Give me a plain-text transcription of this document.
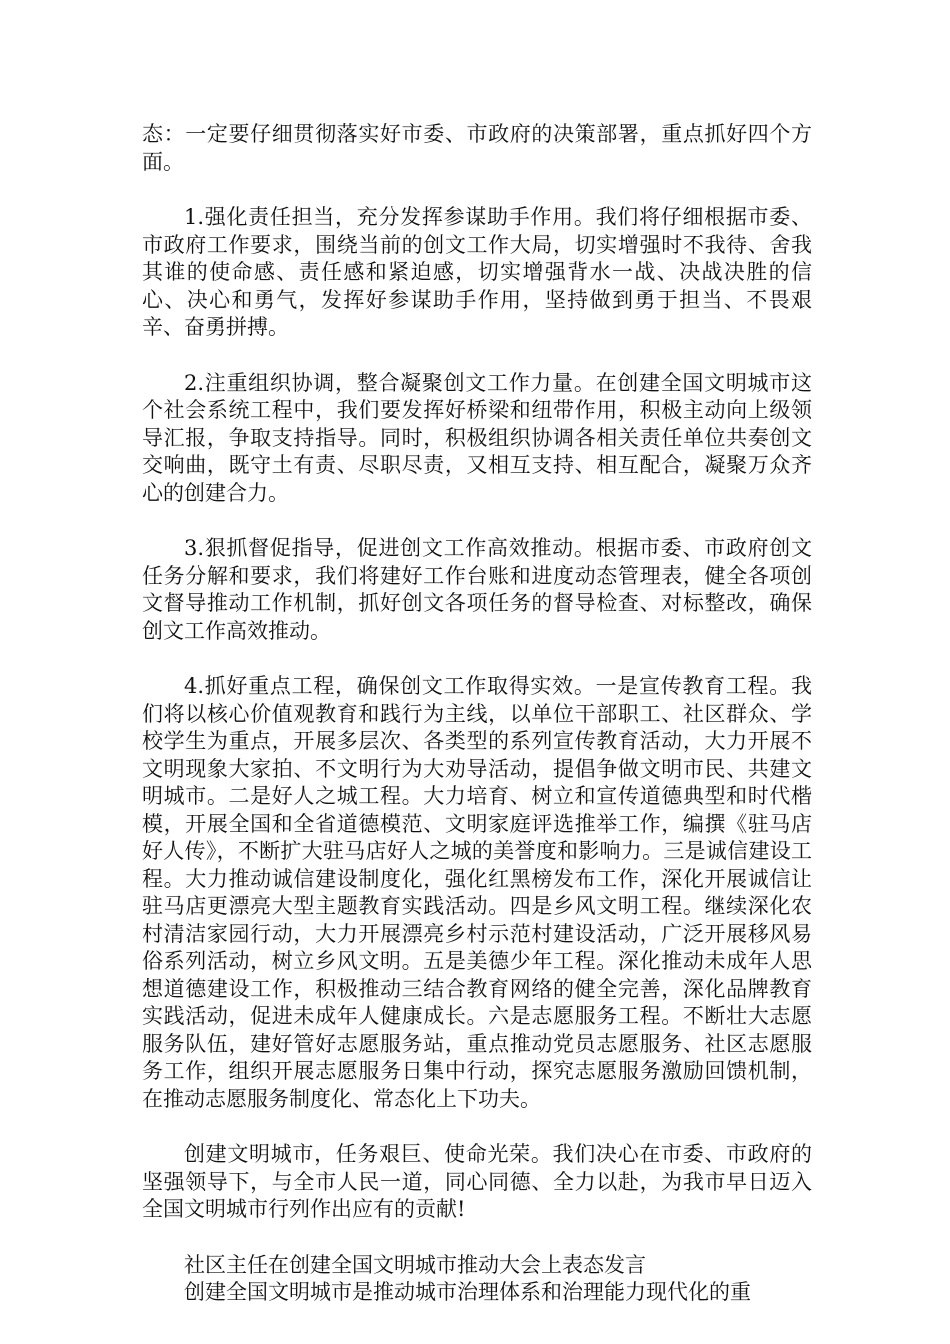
态：一定要仔细贯彻落实好市委、市政府的决策部署，重点抓好四个方面。

1.强化责任担当，充分发挥参谋助手作用。我们将仔细根据市委、市政府工作要求，围绕当前的创文工作大局，切实增强时不我待、舍我其谁的使命感、责任感和紧迫感，切实增强背水一战、决战决胜的信心、决心和勇气，发挥好参谋助手作用，坚持做到勇于担当、不畏艰辛、奋勇拼搏。

2.注重组织协调，整合凝聚创文工作力量。在创建全国文明城市这个社会系统工程中，我们要发挥好桥梁和纽带作用，积极主动向上级领导汇报，争取支持指导。同时，积极组织协调各相关责任单位共奏创文交响曲，既守土有责、尽职尽责，又相互支持、相互配合，凝聚万众齐心的创建合力。

3.狠抓督促指导，促进创文工作高效推动。根据市委、市政府创文任务分解和要求，我们将建好工作台账和进度动态管理表，健全各项创文督导推动工作机制，抓好创文各项任务的督导检查、对标整改，确保创文工作高效推动。

4.抓好重点工程，确保创文工作取得实效。一是宣传教育工程。我们将以核心价值观教育和践行为主线，以单位干部职工、社区群众、学校学生为重点，开展多层次、各类型的系列宣传教育活动，大力开展不文明现象大家拍、不文明行为大劝导活动，提倡争做文明市民、共建文明城市。二是好人之城工程。大力培育、树立和宣传道德典型和时代楷模，开展全国和全省道德模范、文明家庭评选推举工作，编撰《驻马店好人传》，不断扩大驻马店好人之城的美誉度和影响力。三是诚信建设工程。大力推动诚信建设制度化，强化红黑榜发布工作，深化开展诚信让驻马店更漂亮大型主题教育实践活动。四是乡风文明工程。继续深化农村清洁家园行动，大力开展漂亮乡村示范村建设活动，广泛开展移风易俗系列活动，树立乡风文明。五是美德少年工程。深化推动未成年人思想道德建设工作，积极推动三结合教育网络的健全完善，深化品牌教育实践活动，促进未成年人健康成长。六是志愿服务工程。不断壮大志愿服务队伍，建好管好志愿服务站，重点推动党员志愿服务、社区志愿服务工作，组织开展志愿服务日集中行动，探究志愿服务激励回馈机制，在推动志愿服务制度化、常态化上下功夫。

创建文明城市，任务艰巨、使命光荣。我们决心在市委、市政府的坚强领导下，与全市人民一道，同心同德、全力以赴，为我市早日迈入全国文明城市行列作出应有的贡献!

社区主任在创建全国文明城市推动大会上表态发言

创建全国文明城市是推动城市治理体系和治理能力现代化的重
